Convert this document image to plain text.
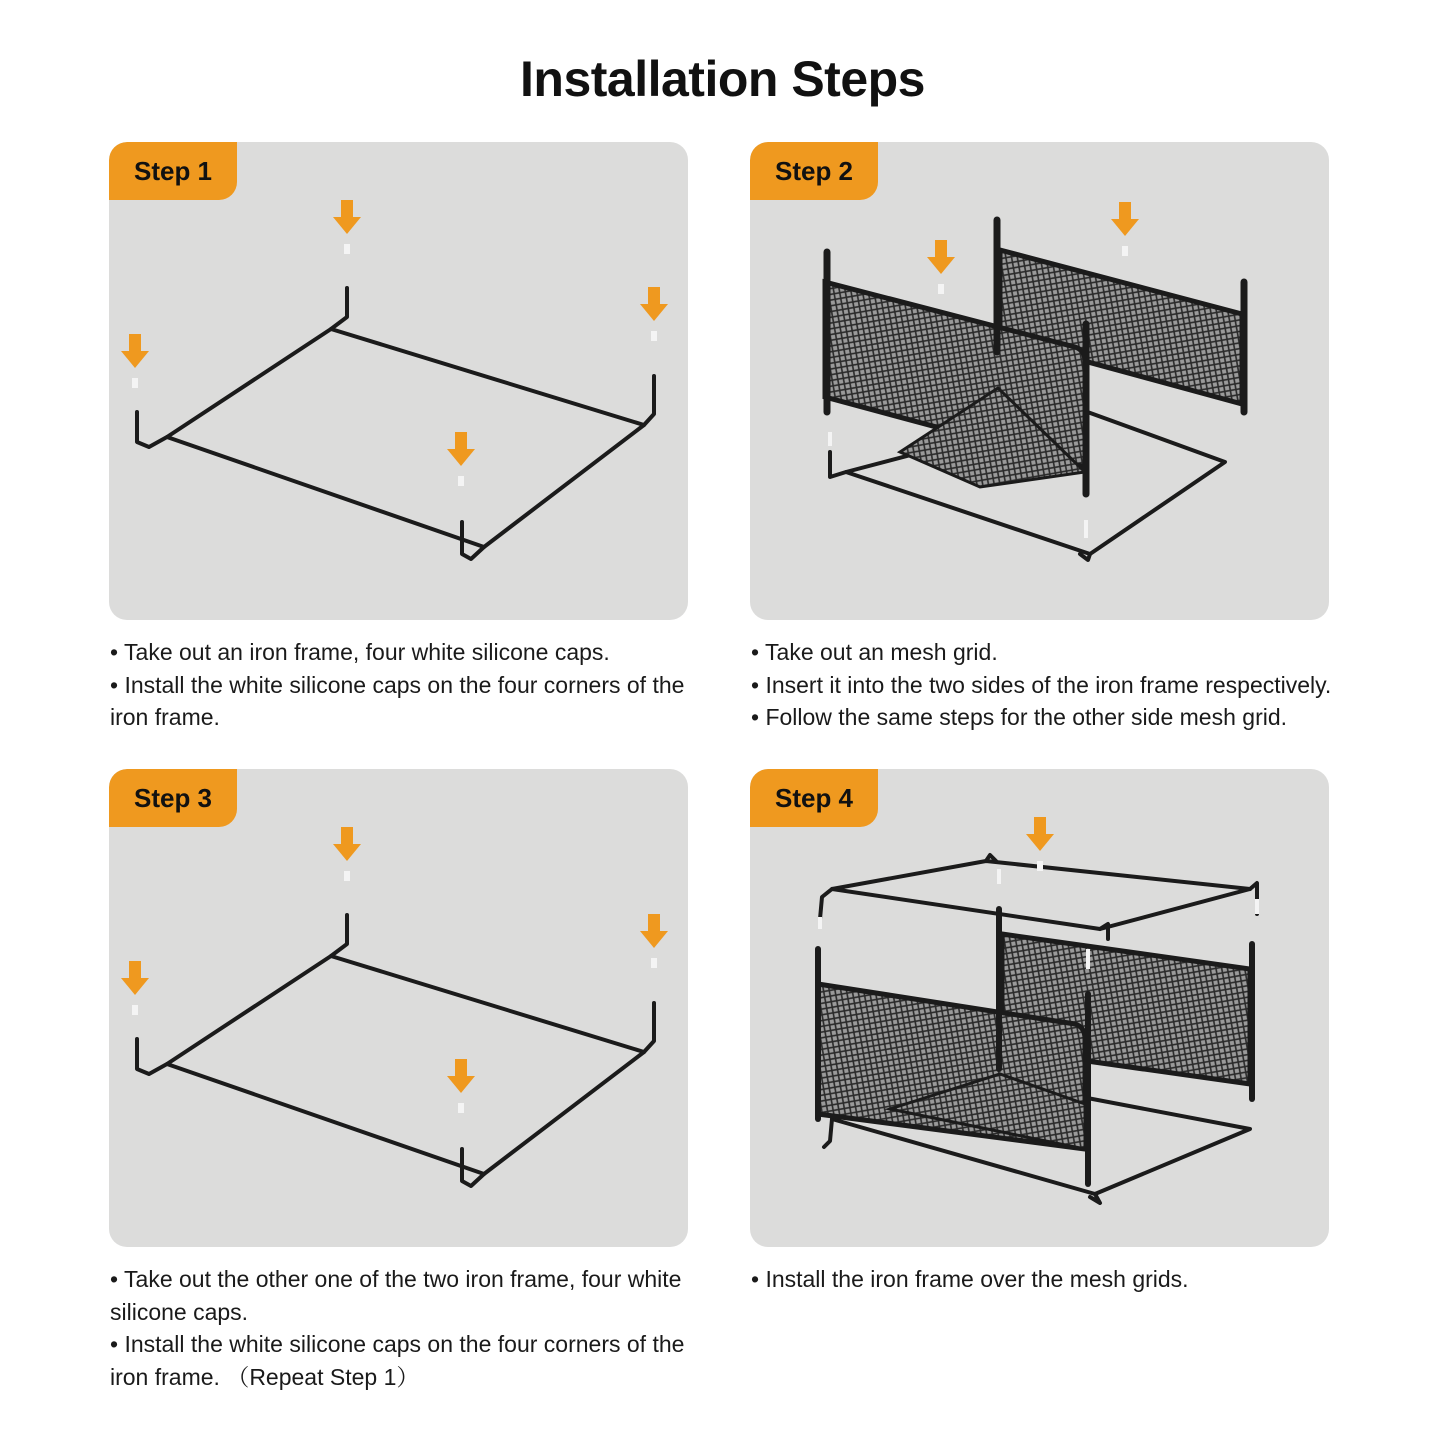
Installation Steps
Step 1

• Take out an iron frame, four white silicone caps.

• Install the white silicone caps on the four corners of the iron frame.

Step 2

• Take out an mesh grid.

• Insert it into the two sides of the iron frame respectively.

• Follow the same steps for the other side mesh grid.

Step 3

• Take out the other one of the two iron frame, four white silicone caps.

• Install the white silicone caps on the four corners of the iron frame. （Repeat Step 1）

Step 4

• Install the iron frame over the mesh grids.
